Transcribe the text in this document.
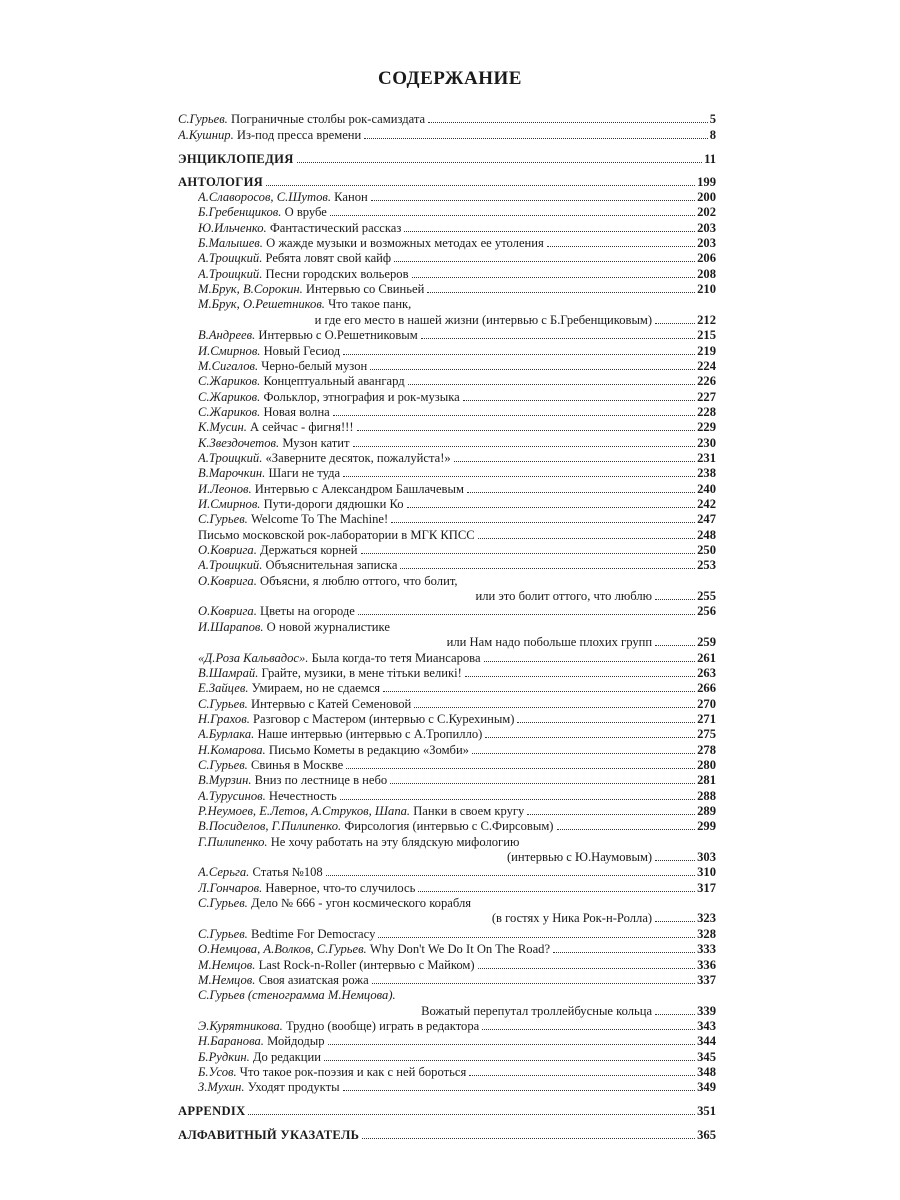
СОДЕРЖАНИЕ
С.Гурьев. Пограничные столбы рок-самиздата	5
А.Кушнир. Из-под пресса времени	8
ЭНЦИКЛОПЕДИЯ	11
АНТОЛОГИЯ	199
А.Славоросов, С.Шутов. Канон	200
Б.Гребенщиков. О врубе	202
Ю.Ильченко. Фантастический рассказ	203
Б.Малышев. О жажде музыки и возможных методах ее утоления	203
А.Троицкий. Ребята ловят свой кайф	206
А.Троицкий. Песни городских вольеров	208
М.Брук, В.Сорокин. Интервью со Свиньей	210
М.Брук, О.Решетников. Что такое панк,
и где его место в нашей жизни (интервью с Б.Гребенщиковым)	212
В.Андреев. Интервью с О.Решетниковым	215
И.Смирнов. Новый Гесиод	219
М.Сигалов. Черно-белый музон	224
С.Жариков. Концептуальный авангард	226
С.Жариков. Фольклор, этнография и рок-музыка	227
С.Жариков. Новая волна	228
К.Мусин. А сейчас - фигня!!!	229
К.Звездочетов. Музон катит	230
А.Троицкий. «Заверните десяток, пожалуйста!»	231
В.Марочкин. Шаги не туда	238
И.Леонов. Интервью с Александром Башлачевым	240
И.Смирнов. Пути-дороги дядюшки Ко	242
С.Гурьев. Welcome To The Machine!	247
Письмо московской рок-лаборатории в МГК КПСС	248
О.Коврига. Держаться корней	250
А.Троицкий. Объяснительная записка	253
О.Коврига. Объясни, я люблю оттого, что болит,
или это болит оттого, что люблю	255
О.Коврига. Цветы на огороде	256
И.Шарапов. О новой журналистике
или Нам надо побольше плохих групп	259
«Д.Роза Кальвадос». Была когда-то тетя Миансарова	261
В.Шамрай. Грайте, музики, в мене тiтьки великi!	263
Е.Зайцев. Умираем, но не сдаемся	266
С.Гурьев. Интервью с Катей Семеновой	270
Н.Грахов. Разговор с Мастером (интервью с С.Курехиным)	271
А.Бурлака. Наше интервью (интервью с А.Тропилло)	275
Н.Комарова. Письмо Кометы в редакцию «Зомби»	278
С.Гурьев. Свинья в Москве	280
В.Мурзин. Вниз по лестнице в небо	281
А.Турусинов. Нечестность	288
Р.Неумоев, Е.Летов, А.Струков, Шапа. Панки в своем кругу	289
В.Посиделов, Г.Пилипенко. Фирсология (интервью с С.Фирсовым)	299
Г.Пилипенко. Не хочу работать на эту блядскую мифологию
(интервью с Ю.Наумовым)	303
А.Серьга. Статья №108	310
Л.Гончаров. Наверное, что-то случилось	317
С.Гурьев. Дело № 666 - угон космического корабля
(в гостях у Ника Рок-н-Ролла)	323
С.Гурьев. Bedtime For Democracy	328
О.Немцова, А.Волков, С.Гурьев. Why Don't We Do It On The Road?	333
М.Немцов. Last Rock-n-Roller (интервью с Майком)	336
М.Немцов. Своя азиатская рожа	337
С.Гурьев (стенограмма М.Немцова).
Вожатый перепутал троллейбусные кольца	339
Э.Курятникова. Трудно (вообще) играть в редактора	343
Н.Баранова. Мойдодыр	344
Б.Рудкин. До редакции	345
Б.Усов. Что такое рок-поэзия и как с ней бороться	348
З.Мухин. Уходят продукты	349
APPENDIX	351
АЛФАВИТНЫЙ УКАЗАТЕЛЬ	365
